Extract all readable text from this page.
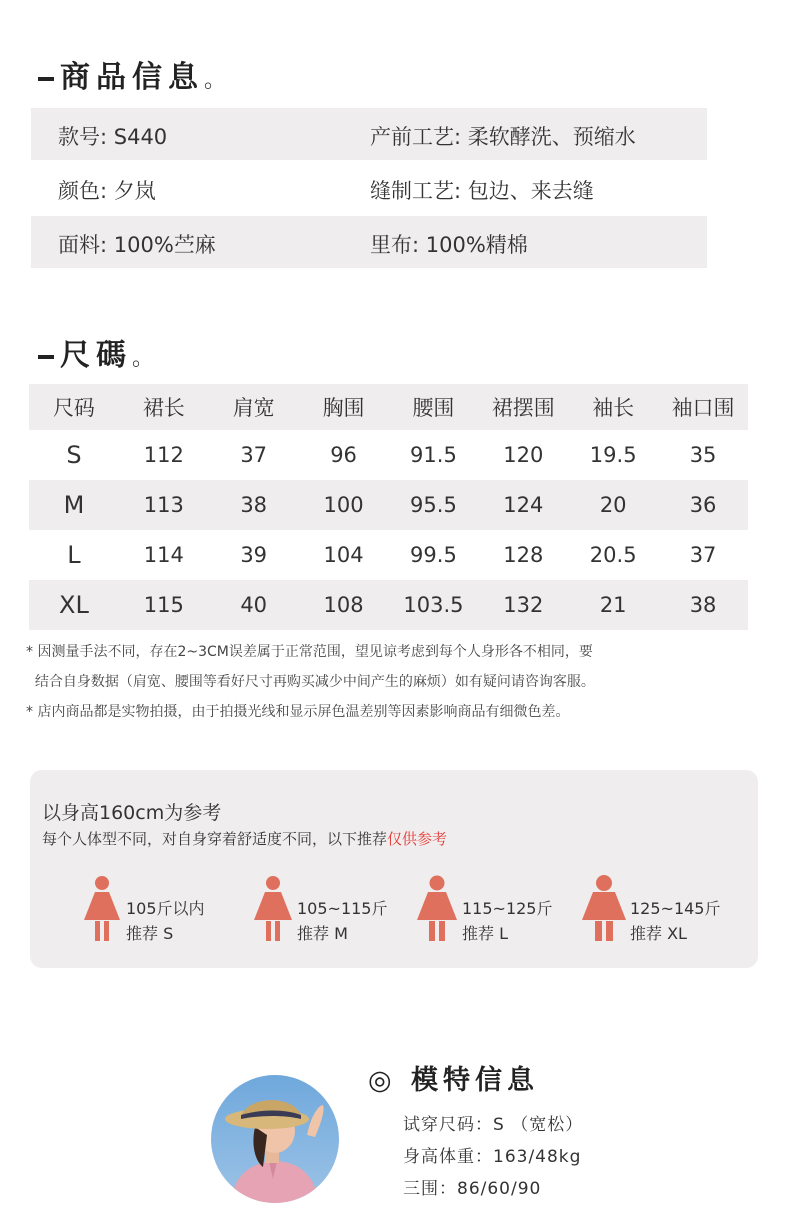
商品信息。
款号: S440	产前工艺: 柔软酵洗、预缩水
颜色: 夕岚	缝制工艺: 包边、来去缝
面料: 100%苎麻	里布: 100%精棉
尺碼。
尺码	裙长	肩宽	胸围	腰围	裙摆围	袖长	袖口围
S	112	37	96	91.5	120	19.5	35
M	113	38	100	95.5	124	20	36
L	114	39	104	99.5	128	20.5	37
XL	115	40	108	103.5	132	21	38
* 因测量手法不同，存在2~3CM误差属于正常范围，望见谅考虑到每个人身形各不相同，要
结合自身数据（肩宽、腰围等看好尺寸再购买减少中间产生的麻烦）如有疑问请咨询客服。
* 店内商品都是实物拍摄，由于拍摄光线和显示屏色温差别等因素影响商品有细微色差。
以身高160cm为参考
每个人体型不同，对自身穿着舒适度不同，以下推荐仅供参考
105斤以内
推荐 S
105~115斤
推荐 M
115~125斤
推荐 L
125~145斤
推荐 XL
◎ 模特信息
试穿尺码：S （宽松）
身高体重：163/48kg
三围：86/60/90
